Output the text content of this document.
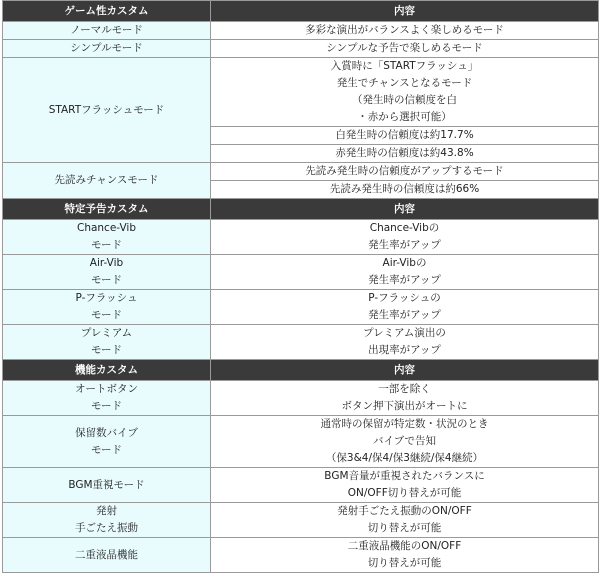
ゲーム性カスタム	内容

ノーマルモード	多彩な演出がバランスよく楽しめるモード

シンプルモード	シンプルな予告で楽しめるモード

STARTフラッシュモード	入賞時に「STARTフラッシュ」
発生でチャンスとなるモード
（発生時の信頼度を白
・赤から選択可能）

	白発生時の信頼度は約17.7%

	赤発生時の信頼度は約43.8%

先読みチャンスモード	先読み発生時の信頼度がアップするモード

	先読み発生時の信頼度は約66%

特定予告カスタム	内容

Chance-Vib
モード	Chance-Vibの
発生率がアップ

Air-Vib
モード	Air-Vibの
発生率がアップ

P-フラッシュ
モード	P-フラッシュの
発生率がアップ

プレミアム
モード	プレミアム演出の
出現率がアップ

機能カスタム	内容

オートボタン
モード	一部を除く
ボタン押下演出がオートに

保留数バイブ
モード	通常時の保留が特定数・状況のとき
バイブで告知
（保3&4/保4/保3継続/保4継続）

BGM重視モード	BGM音量が重視されたバランスに
ON/OFF切り替えが可能

発射
手ごたえ振動	発射手ごたえ振動のON/OFF
切り替えが可能

二重液晶機能	二重液晶機能のON/OFF
切り替えが可能
